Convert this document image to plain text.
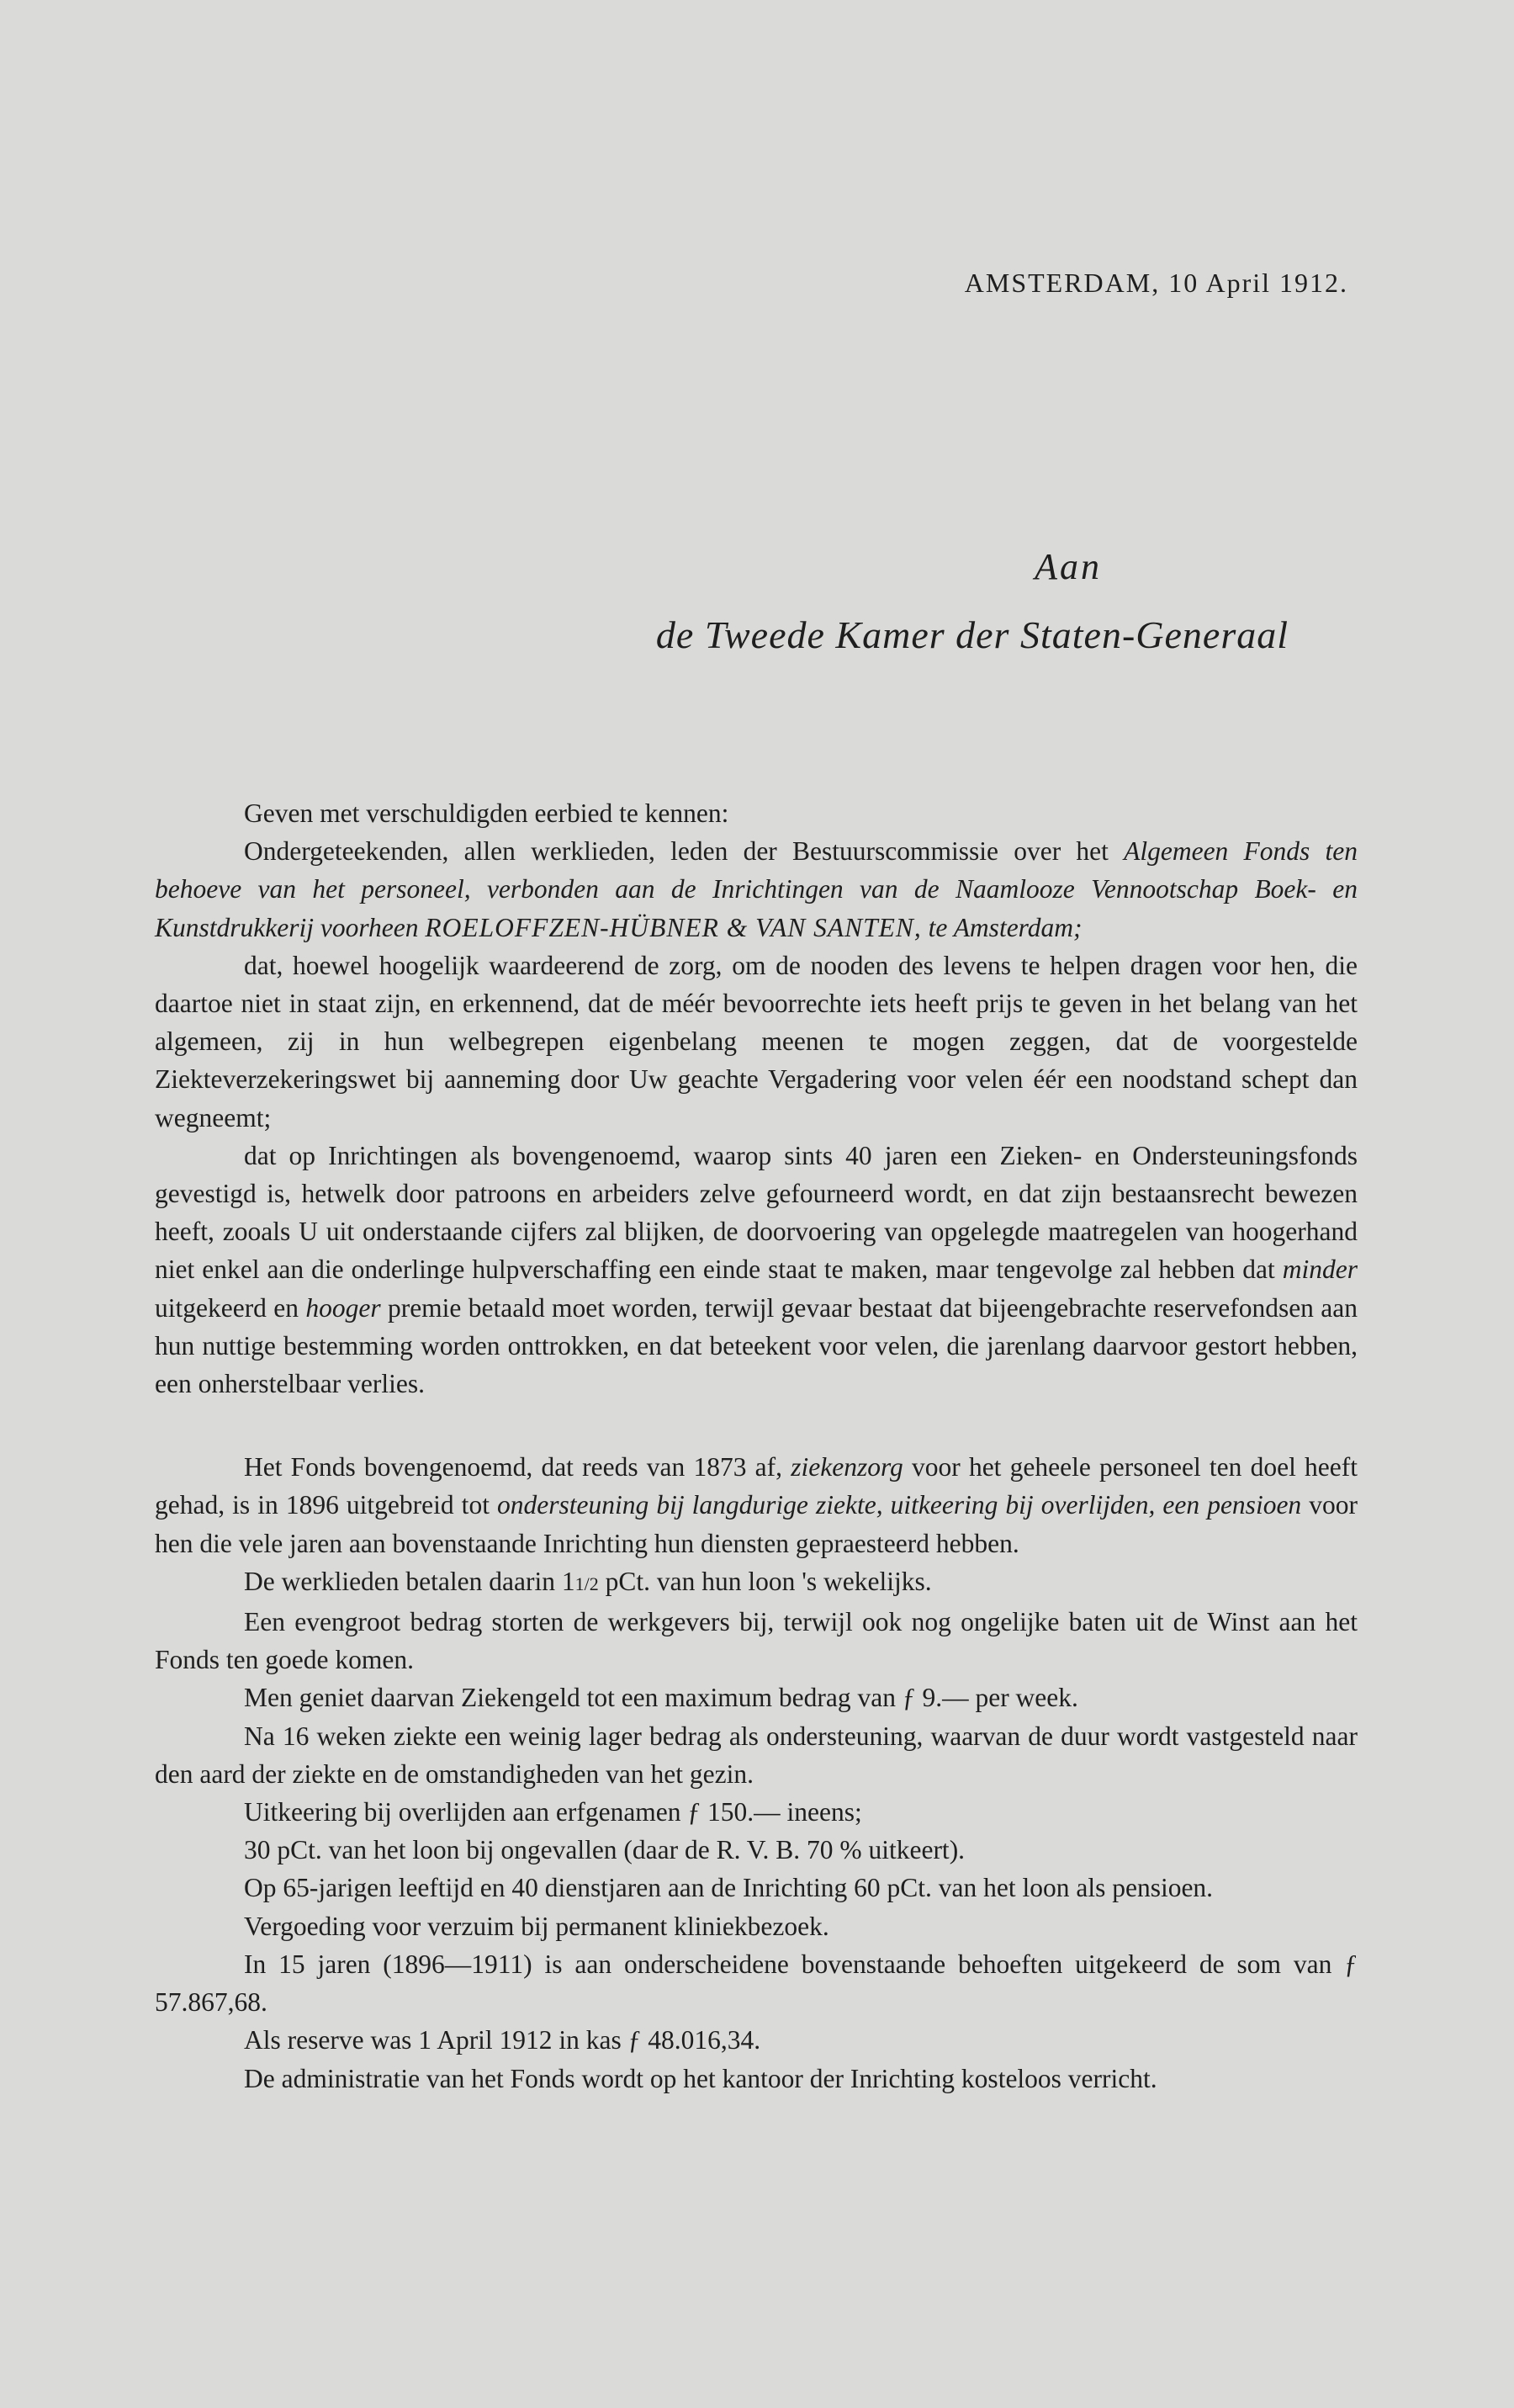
AMSTERDAM, 10 April 1912.
Aan
de Tweede Kamer der Staten-Generaal

Geven met verschuldigden eerbied te kennen:

Ondergeteekenden, allen werklieden, leden der Bestuurscommissie over het Algemeen Fonds ten behoeve van het personeel, verbonden aan de Inrichtingen van de Naamlooze Vennootschap Boek- en Kunstdrukkerij voorheen ROELOFFZEN-HÜBNER & VAN SANTEN, te Amsterdam;

dat, hoewel hoogelijk waardeerend de zorg, om de nooden des levens te helpen dragen voor hen, die daartoe niet in staat zijn, en erkennend, dat de méér bevoorrechte iets heeft prijs te geven in het belang van het algemeen, zij in hun welbegrepen eigenbelang meenen te mogen zeggen, dat de voorgestelde Ziekteverzekeringswet bij aanneming door Uw geachte Vergadering voor velen éér een noodstand schept dan wegneemt;

dat op Inrichtingen als bovengenoemd, waarop sints 40 jaren een Zieken- en Ondersteuningsfonds gevestigd is, hetwelk door patroons en arbeiders zelve gefourneerd wordt, en dat zijn bestaansrecht bewezen heeft, zooals U uit onderstaande cijfers zal blijken, de doorvoering van opgelegde maatregelen van hoogerhand niet enkel aan die onderlinge hulpverschaffing een einde staat te maken, maar tengevolge zal hebben dat minder uitgekeerd en hooger premie betaald moet worden, terwijl gevaar bestaat dat bijeengebrachte reservefondsen aan hun nuttige bestemming worden onttrokken, en dat beteekent voor velen, die jarenlang daarvoor gestort hebben, een onherstelbaar verlies.

Het Fonds bovengenoemd, dat reeds van 1873 af, ziekenzorg voor het geheele personeel ten doel heeft gehad, is in 1896 uitgebreid tot ondersteuning bij langdurige ziekte, uitkeering bij overlijden, een pensioen voor hen die vele jaren aan bovenstaande Inrichting hun diensten gepraesteerd hebben.

De werklieden betalen daarin 11/2 pCt. van hun loon 's wekelijks.

Een evengroot bedrag storten de werkgevers bij, terwijl ook nog ongelijke baten uit de Winst aan het Fonds ten goede komen.

Men geniet daarvan Ziekengeld tot een maximum bedrag van ƒ 9.— per week.

Na 16 weken ziekte een weinig lager bedrag als ondersteuning, waarvan de duur wordt vastgesteld naar den aard der ziekte en de omstandigheden van het gezin.

Uitkeering bij overlijden aan erfgenamen ƒ 150.— ineens;

30 pCt. van het loon bij ongevallen (daar de R. V. B. 70 % uitkeert).

Op 65-jarigen leeftijd en 40 dienstjaren aan de Inrichting 60 pCt. van het loon als pensioen.

Vergoeding voor verzuim bij permanent kliniekbezoek.

In 15 jaren (1896—1911) is aan onderscheidene bovenstaande behoeften uitgekeerd de som van ƒ 57.867,68.

Als reserve was 1 April 1912 in kas ƒ 48.016,34.

De administratie van het Fonds wordt op het kantoor der Inrichting kosteloos verricht.
